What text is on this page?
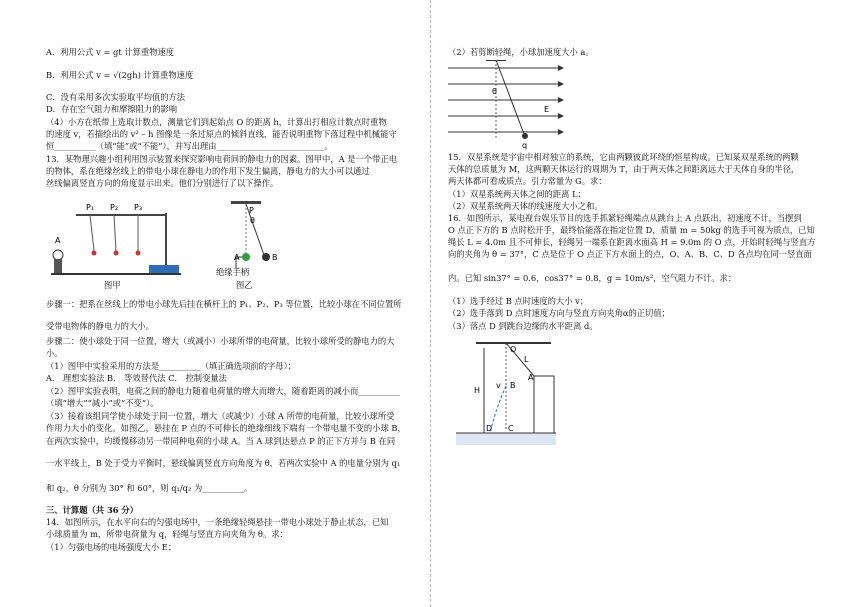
A．利用公式 v = gt 计算重物速度
B．利用公式 v = √(2gh) 计算重物速度
C．没有采用多次实验取平均值的方法
D．存在空气阻力和摩擦阻力的影响
（4）小方在纸带上选取计数点，测量它们到起始点 O 的距离 h，计算出打相应计数点时重物
的速度 v，若描绘出的 v² – h 图像是一条过原点的倾斜直线，能否说明重物下落过程中机械能守
恒__________（填“能”或“不能”），并写出理由__________________________。
13．某物理兴趣小组利用图示装置来探究影响电荷间的静电力的因素。图甲中，A 是一个带正电
的物体，系在绝缘丝线上的带电小球在静电力的作用下发生偏离，静电力的大小可以通过
丝线偏离竖直方向的角度显示出来。他们分别进行了以下操作。
P₁ P₂ P₃
A
图甲
P
θ
A	B
绝缘手柄
图乙
步骤一：把系在丝线上的带电小球先后挂在横杆上的 P₁、P₂、P₃ 等位置，比较小球在不同位置所
受带电物体的静电力的大小。
步骤二：使小球处于同一位置，增大（或减小）小球所带的电荷量，比较小球所受的静电力的大
小。
（1）图甲中实验采用的方法是__________（填正确选项前的字母）；
A． 理想实验法 B． 等效替代法 C． 控制变量法
（2）图甲实验表明，电荷之间的静电力随着电荷量的增大而增大，随着距离的减小而__________
（填“增大”“减小”或“不变”）。
（3）接着该组同学使小球处于同一位置，增大（或减少）小球 A 所带的电荷量，比较小球所受
作用力大小的变化。如图乙，悬挂在 P 点的不可伸长的绝缘细线下端有一个带电量不变的小球 B，
在两次实验中，均缓慢移动另一带同种电荷的小球 A。当 A 球到达悬点 P 的正下方并与 B 在同
一水平线上，B 处于受力平衡时，悬线偏离竖直方向角度为 θ，若两次实验中 A 的电量分别为 q₁
和 q₂，θ 分别为 30° 和 60°，则 q₁/q₂ 为__________。
三、计算题（共 36 分）
14．如图所示，在水平向右的匀强电场中，一条绝缘轻绳悬挂一带电小球处于静止状态，已知
小球质量为 m，所带电荷量为 q，轻绳与竖直方向夹角为 θ。求：
（1）匀强电场的电场强度大小 E；
（2）若剪断轻绳，小球加速度大小 a。
θ
E
q
15．双星系统是宇宙中相对独立的系统，它由两颗彼此环绕的恒星构成。已知某双星系统的两颗
天体的总质量为 M，这两颗天体运行的周期为 T，由于两天体之间距离远大于天体自身的半径，
两天体都可看成质点。引力常量为 G。求：
（1）双星系统两天体之间的距离 L；
（2）双星系统两天体的线速度大小之和。
16．如图所示，某电视台娱乐节目的选手抓紧轻绳端点从跳台上 A 点跃出，初速度不计，当摆到
O 点正下方的 B 点时松开手，最终恰能落在指定位置 D，质量 m = 50kg 的选手可视为质点，已知
绳长 L = 4.0m 且不可伸长，轻绳另一端系在距离水面高 H = 9.0m 的 O 点，开始时轻绳与竖直方
向的夹角为 θ = 37°，C 点是位于 O 点正下方水面上的点，O、A、B、C、D 各点均在同一竖直面
内。已知 sin37° = 0.6，cos37° = 0.8，g = 10m/s²，空气阻力不计。求：
（1）选手经过 B 点时速度的大小 v；
（2）选手落到 D 点时速度方向与竖直方向夹角α的正切值；
（3）落点 D 到跳台边缘的水平距离 d。
O
A
B
v
L
H
D C
